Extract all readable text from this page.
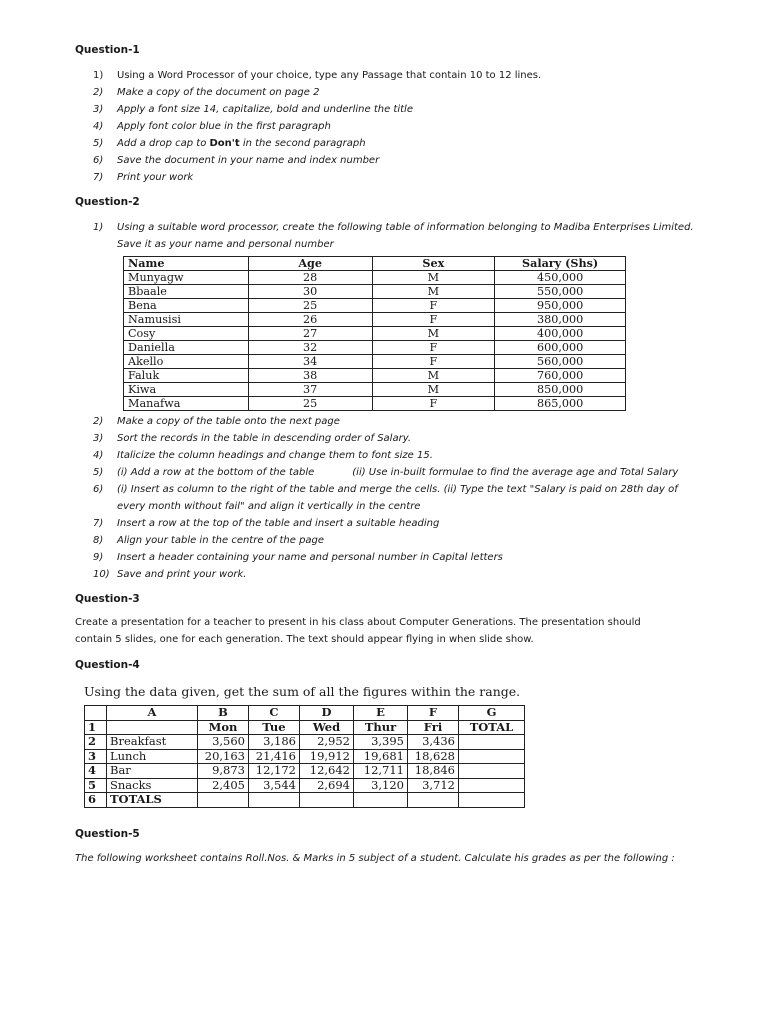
Question-1
1) Using a Word Processor of your choice, type any Passage that contain 10 to 12 lines.
2) Make a copy of the document on page 2
3) Apply a font size 14, capitalize, bold and underline the title
4) Apply font color blue in the first paragraph
5) Add a drop cap to Don't in the second paragraph
6) Save the document in your name and index number
7) Print your work
Question-2
1) Using a suitable word processor, create the following table of information belonging to Madiba Enterprises Limited. Save it as your name and personal number
Name	Age	Sex	Salary (Shs)
Munyagw	28	M	450,000
Bbaale	30	M	550,000
Bena	25	F	950,000
Namusisi	26	F	380,000
Cosy	27	M	400,000
Daniella	32	F	600,000
Akello	34	F	560,000
Faluk	38	M	760,000
Kiwa	37	M	850,000
Manafwa	25	F	865,000
2) Make a copy of the table onto the next page
3) Sort the records in the table in descending order of Salary.
4) Italicize the column headings and change them to font size 15.
5) (i) Add a row at the bottom of the table	(ii) Use in-built formulae to find the average age and Total Salary
6) (i) Insert as column to the right of the table and merge the cells. (ii) Type the text "Salary is paid on 28th day of every month without fail" and align it vertically in the centre
7) Insert a row at the top of the table and insert a suitable heading
8) Align your table in the centre of the page
9) Insert a header containing your name and personal number in Capital letters
10) Save and print your work.
Question-3
Create a presentation for a teacher to present in his class about Computer Generations. The presentation should contain 5 slides, one for each generation. The text should appear flying in when slide show.
Question-4
Using the data given, get the sum of all the figures within the range.
	A	B	C	D	E	F	G
1		Mon	Tue	Wed	Thur	Fri	TOTAL
2	Breakfast	3,560	3,186	2,952	3,395	3,436	
3	Lunch	20,163	21,416	19,912	19,681	18,628	
4	Bar	9,873	12,172	12,642	12,711	18,846	
5	Snacks	2,405	3,544	2,694	3,120	3,712	
6	TOTALS						
Question-5
The following worksheet contains Roll.Nos. & Marks in 5 subject of a student. Calculate his grades as per the following :
